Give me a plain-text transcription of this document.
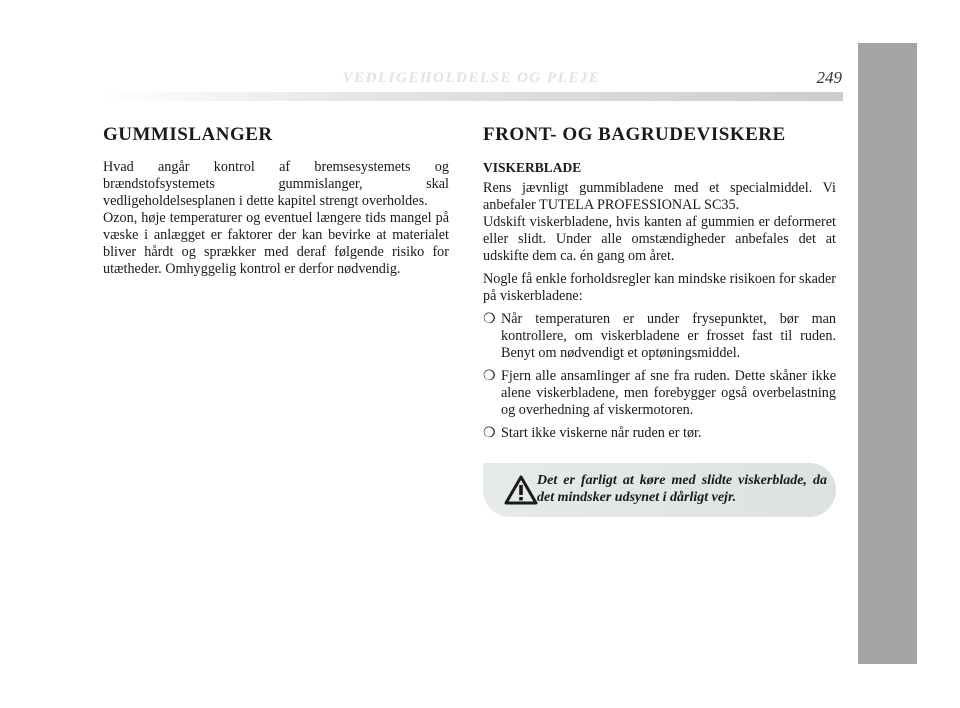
VEDLIGEHOLDELSE OG PLEJE	249
GUMMISLANGER

Hvad angår kontrol af bremsesystemets og brændstofsystemets gummislanger, skal vedligeholdelsesplanen i dette kapitel strengt overholdes.

Ozon, høje temperaturer og eventuel længere tids mangel på væske i anlægget er faktorer der kan bevirke at materialet bliver hårdt og sprækker med deraf følgende risiko for utætheder. Omhyggelig kontrol er derfor nødvendig.

FRONT- OG BAGRUDEVISKERE
VISKERBLADE

Rens jævnligt gummibladene med et specialmiddel. Vi anbefaler TUTELA PROFESSIONAL SC35.

Udskift viskerbladene, hvis kanten af gummien er deformeret eller slidt. Under alle omstændigheder anbefales det at udskifte dem ca. én gang om året.

Nogle få enkle forholdsregler kan mindske risikoen for skader på viskerbladene:

❍ Når temperaturen er under frysepunktet, bør man kontrollere, om viskerbladene er frosset fast til ruden. Benyt om nødvendigt et optøningsmiddel.
❍ Fjern alle ansamlinger af sne fra ruden. Dette skåner ikke alene viskerbladene, men forebygger også overbelastning og overhedning af viskermotoren.
❍ Start ikke viskerne når ruden er tør.
Det er farligt at køre med slidte viskerblade, da det mindsker udsynet i dårligt vejr.
